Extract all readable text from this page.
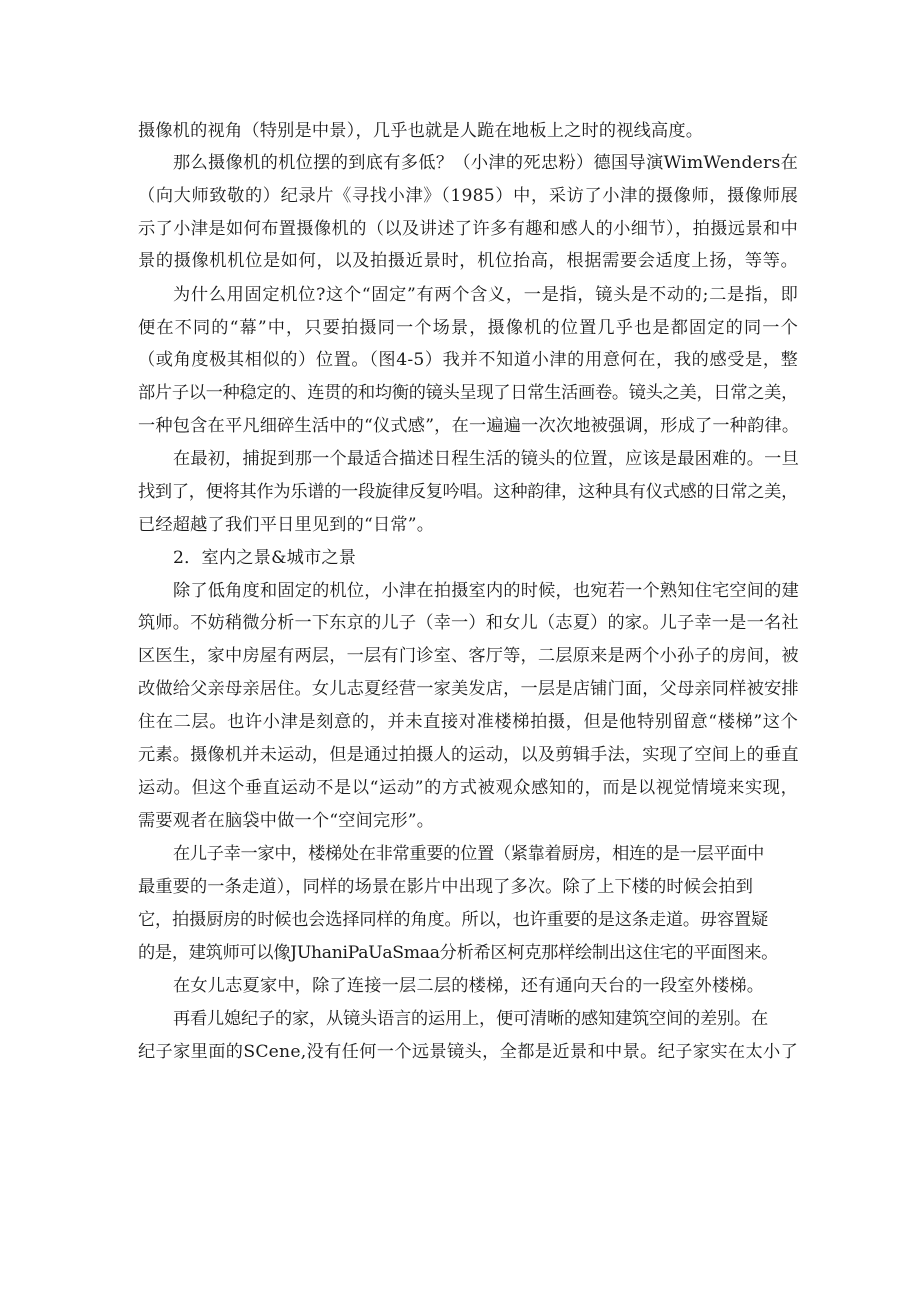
摄像机的视角（特别是中景），几乎也就是人跪在地板上之时的视线高度。
那么摄像机的机位摆的到底有多低？（小津的死忠粉）德国导演WimWenders在
（向大师致敬的）纪录片《寻找小津》（1985）中，采访了小津的摄像师，摄像师展
示了小津是如何布置摄像机的（以及讲述了许多有趣和感人的小细节），拍摄远景和中
景的摄像机机位是如何，以及拍摄近景时，机位抬高，根据需要会适度上扬，等等。
为什么用固定机位?这个“固定”有两个含义，一是指，镜头是不动的;二是指，即
便在不同的“幕”中，只要拍摄同一个场景，摄像机的位置几乎也是都固定的同一个
（或角度极其相似的）位置。（图4-5）我并不知道小津的用意何在，我的感受是，整
部片子以一种稳定的、连贯的和均衡的镜头呈现了日常生活画卷。镜头之美，日常之美，
一种包含在平凡细碎生活中的“仪式感”，在一遍遍一次次地被强调，形成了一种韵律。
在最初，捕捉到那一个最适合描述日程生活的镜头的位置，应该是最困难的。一旦
找到了，便将其作为乐谱的一段旋律反复吟唱。这种韵律，这种具有仪式感的日常之美，
已经超越了我们平日里见到的“日常”。
2．室内之景&城市之景
除了低角度和固定的机位，小津在拍摄室内的时候，也宛若一个熟知住宅空间的建
筑师。不妨稍微分析一下东京的儿子（幸一）和女儿（志夏）的家。儿子幸一是一名社
区医生，家中房屋有两层，一层有门诊室、客厅等，二层原来是两个小孙子的房间，被
改做给父亲母亲居住。女儿志夏经营一家美发店，一层是店铺门面，父母亲同样被安排
住在二层。也许小津是刻意的，并未直接对准楼梯拍摄，但是他特别留意“楼梯”这个
元素。摄像机并未运动，但是通过拍摄人的运动，以及剪辑手法，实现了空间上的垂直
运动。但这个垂直运动不是以“运动”的方式被观众感知的，而是以视觉情境来实现，
需要观者在脑袋中做一个“空间完形”。
在儿子幸一家中，楼梯处在非常重要的位置（紧靠着厨房，相连的是一层平面中
最重要的一条走道），同样的场景在影片中出现了多次。除了上下楼的时候会拍到
它，拍摄厨房的时候也会选择同样的角度。所以，也许重要的是这条走道。毋容置疑
的是，建筑师可以像JUhaniPaUaSmaa分析希区柯克那样绘制出这住宅的平面图来。
在女儿志夏家中，除了连接一层二层的楼梯，还有通向天台的一段室外楼梯。
再看儿媳纪子的家，从镜头语言的运用上，便可清晰的感知建筑空间的差别。在
纪子家里面的SCene,没有任何一个远景镜头，全都是近景和中景。纪子家实在太小了
